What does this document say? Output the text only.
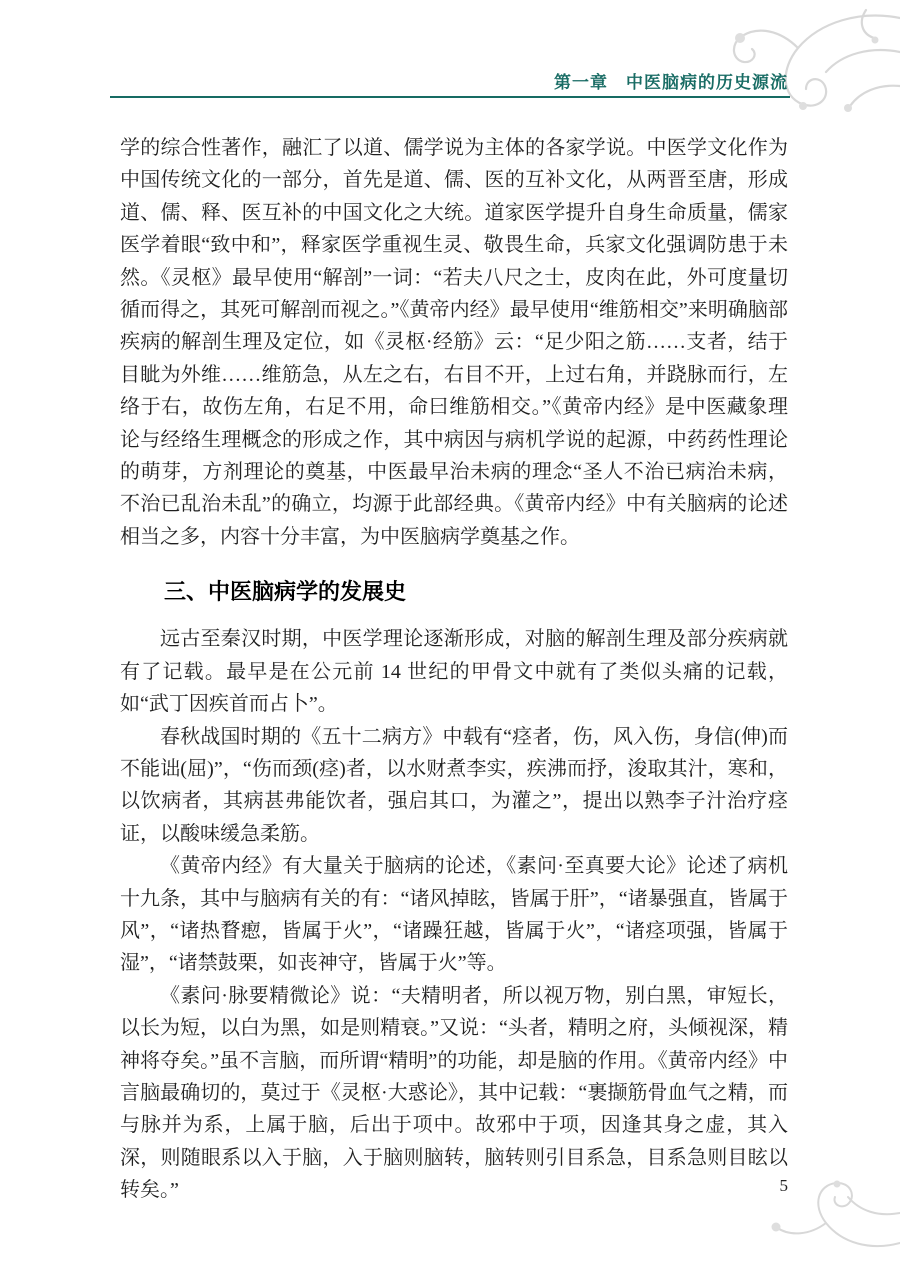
第一章　中医脑病的历史源流

学的综合性著作，融汇了以道、儒学说为主体的各家学说。中医学文化作为中国传统文化的一部分，首先是道、儒、医的互补文化，从两晋至唐，形成道、儒、释、医互补的中国文化之大统。道家医学提升自身生命质量，儒家医学着眼“致中和”，释家医学重视生灵、敬畏生命，兵家文化强调防患于未然。《灵枢》最早使用“解剖”一词：“若夫八尺之士，皮肉在此，外可度量切循而得之，其死可解剖而视之。”《黄帝内经》最早使用“维筋相交”来明确脑部疾病的解剖生理及定位，如《灵枢·经筋》云：“足少阳之筋……支者，结于目眦为外维……维筋急，从左之右，右目不开，上过右角，并跷脉而行，左络于右，故伤左角，右足不用，命曰维筋相交。”《黄帝内经》是中医藏象理论与经络生理概念的形成之作，其中病因与病机学说的起源，中药药性理论的萌芽，方剂理论的奠基，中医最早治未病的理念“圣人不治已病治未病，不治已乱治未乱”的确立，均源于此部经典。《黄帝内经》中有关脑病的论述相当之多，内容十分丰富，为中医脑病学奠基之作。

三、中医脑病学的发展史

远古至秦汉时期，中医学理论逐渐形成，对脑的解剖生理及部分疾病就有了记载。最早是在公元前 14 世纪的甲骨文中就有了类似头痛的记载，如“武丁因疾首而占卜”。

春秋战国时期的《五十二病方》中载有“痉者，伤，风入伤，身信(伸)而不能诎(屈)”，“伤而颈(痉)者，以水财煮李实，疾沸而抒，浚取其汁，寒和，以饮病者，其病甚弗能饮者，强启其口，为灌之”，提出以熟李子汁治疗痉证，以酸味缓急柔筋。

《黄帝内经》有大量关于脑病的论述，《素问·至真要大论》论述了病机十九条，其中与脑病有关的有：“诸风掉眩，皆属于肝”，“诸暴强直，皆属于风”，“诸热瞀瘛，皆属于火”，“诸躁狂越，皆属于火”，“诸痉项强，皆属于湿”，“诸禁鼓栗，如丧神守，皆属于火”等。

《素问·脉要精微论》说：“夫精明者，所以视万物，别白黑，审短长，以长为短，以白为黑，如是则精衰。”又说：“头者，精明之府，头倾视深，精神将夺矣。”虽不言脑，而所谓“精明”的功能，却是脑的作用。《黄帝内经》中言脑最确切的，莫过于《灵枢·大惑论》，其中记载：“裹撷筋骨血气之精，而与脉并为系，上属于脑，后出于项中。故邪中于项，因逢其身之虚，其入深，则随眼系以入于脑，入于脑则脑转，脑转则引目系急，目系急则目眩以转矣。”	5
